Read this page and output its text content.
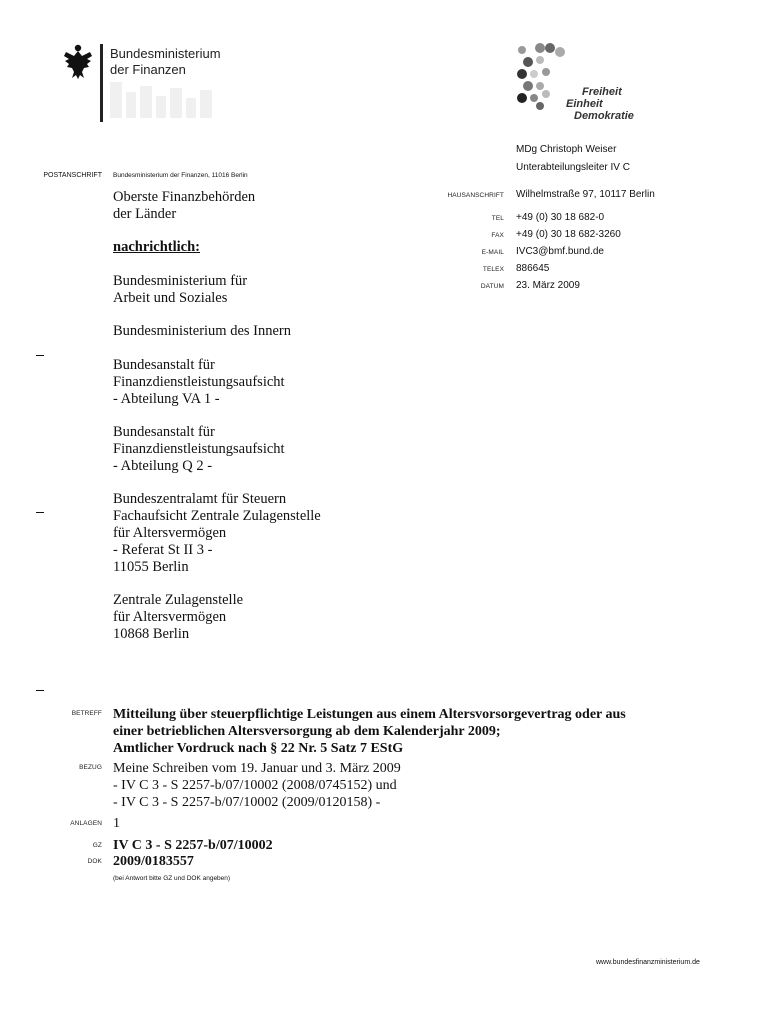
Bundesministerium
der Finanzen
Freiheit
Einheit
Demokratie
MDg Christoph Weiser
Unterabteilungsleiter IV C
POSTANSCHRIFT Bundesministerium der Finanzen, 11016 Berlin
HAUSANSCHRIFT Wilhelmstraße 97, 10117 Berlin
TEL +49 (0) 30 18 682-0
FAX +49 (0) 30 18 682-3260
E-MAIL IVC3@bmf.bund.de
TELEX 886645
DATUM 23. März 2009
Oberste Finanzbehörden
der Länder
nachrichtlich:
Bundesministerium für
Arbeit und Soziales
Bundesministerium des Innern
Bundesanstalt für
Finanzdienstleistungsaufsicht
- Abteilung VA 1 -
Bundesanstalt für
Finanzdienstleistungsaufsicht
- Abteilung Q 2 -
Bundeszentralamt für Steuern
Fachaufsicht Zentrale Zulagenstelle
für Altersvermögen
- Referat St II 3 -
11055 Berlin
Zentrale Zulagenstelle
für Altersvermögen
10868 Berlin
BETREFF Mitteilung über steuerpflichtige Leistungen aus einem Altersvorsorgevertrag oder aus
einer betrieblichen Altersversorgung ab dem Kalenderjahr 2009;
Amtlicher Vordruck nach § 22 Nr. 5 Satz 7 EStG
BEZUG Meine Schreiben vom 19. Januar und 3. März 2009
- IV C 3 - S 2257-b/07/10002 (2008/0745152) und
- IV C 3 - S 2257-b/07/10002 (2009/0120158) -
ANLAGEN 1
GZ IV C 3 - S 2257-b/07/10002
DOK 2009/0183557
(bei Antwort bitte GZ und DOK angeben)
www.bundesfinanzministerium.de
